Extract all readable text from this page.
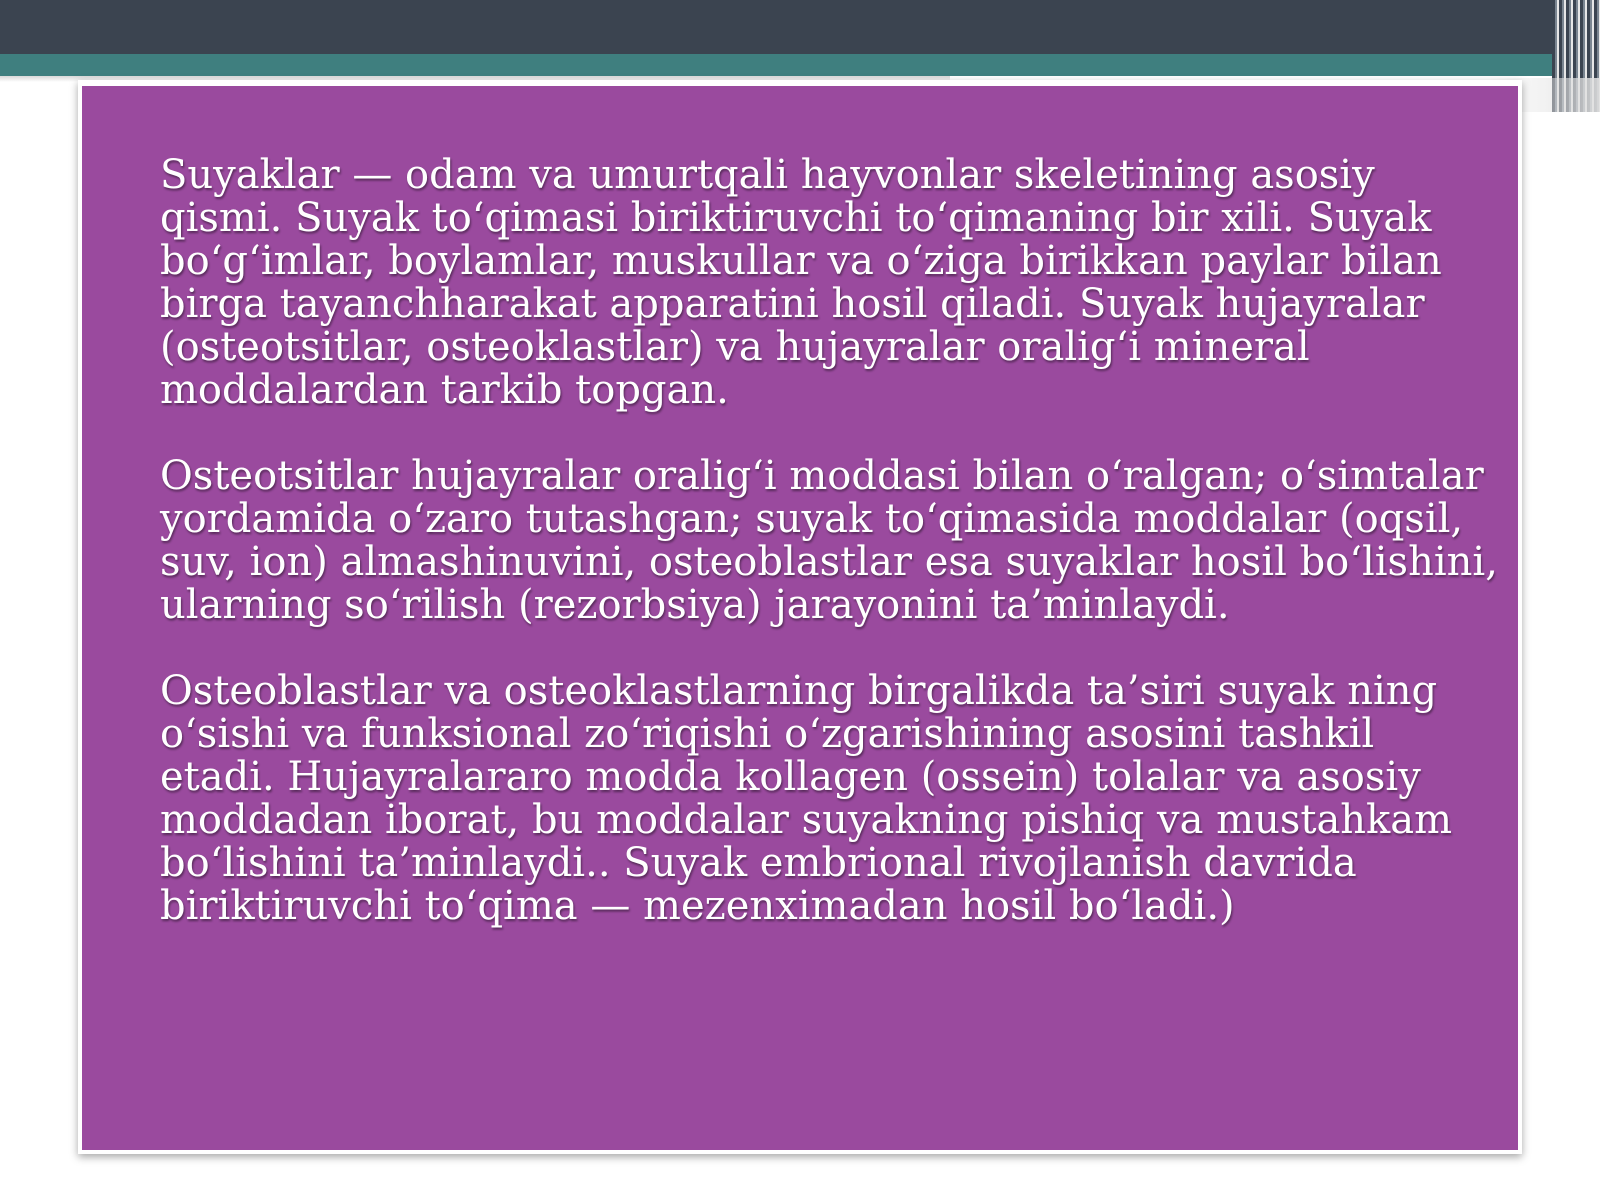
Suyaklar — odam va umurtqali hayvonlar skeletining asosiy qismi. Suyak to‘qimasi biriktiruvchi to‘qimaning bir xili. Suyak bo‘g‘imlar, boylamlar, muskullar va o‘ziga birikkan paylar bilan birga tayanchharakat apparatini hosil qiladi. Suyak hujayralar (osteotsitlar, osteoklastlar) va hujayralar oralig‘i mineral moddalardan tarkib topgan.

Osteotsitlar hujayralar oralig‘i moddasi bilan o‘ralgan; o‘simtalar yordamida o‘zaro tutashgan; suyak to‘qimasida moddalar (oqsil, suv, ion) almashinuvini, osteoblastlar esa suyaklar hosil bo‘lishini, ularning so‘rilish (rezorbsiya) jarayonini ta’minlaydi.

Osteoblastlar va osteoklastlarning birgalikda ta’siri suyak ning o‘sishi va funksional zo‘riqishi o‘zgarishining asosini tashkil etadi. Hujayralararo modda kollagen (ossein) tolalar va asosiy moddadan iborat, bu moddalar suyakning pishiq va mustahkam bo‘lishini ta’minlaydi.. Suyak embrional rivojlanish davrida biriktiruvchi to‘qima — mezenximadan hosil bo‘ladi.)
